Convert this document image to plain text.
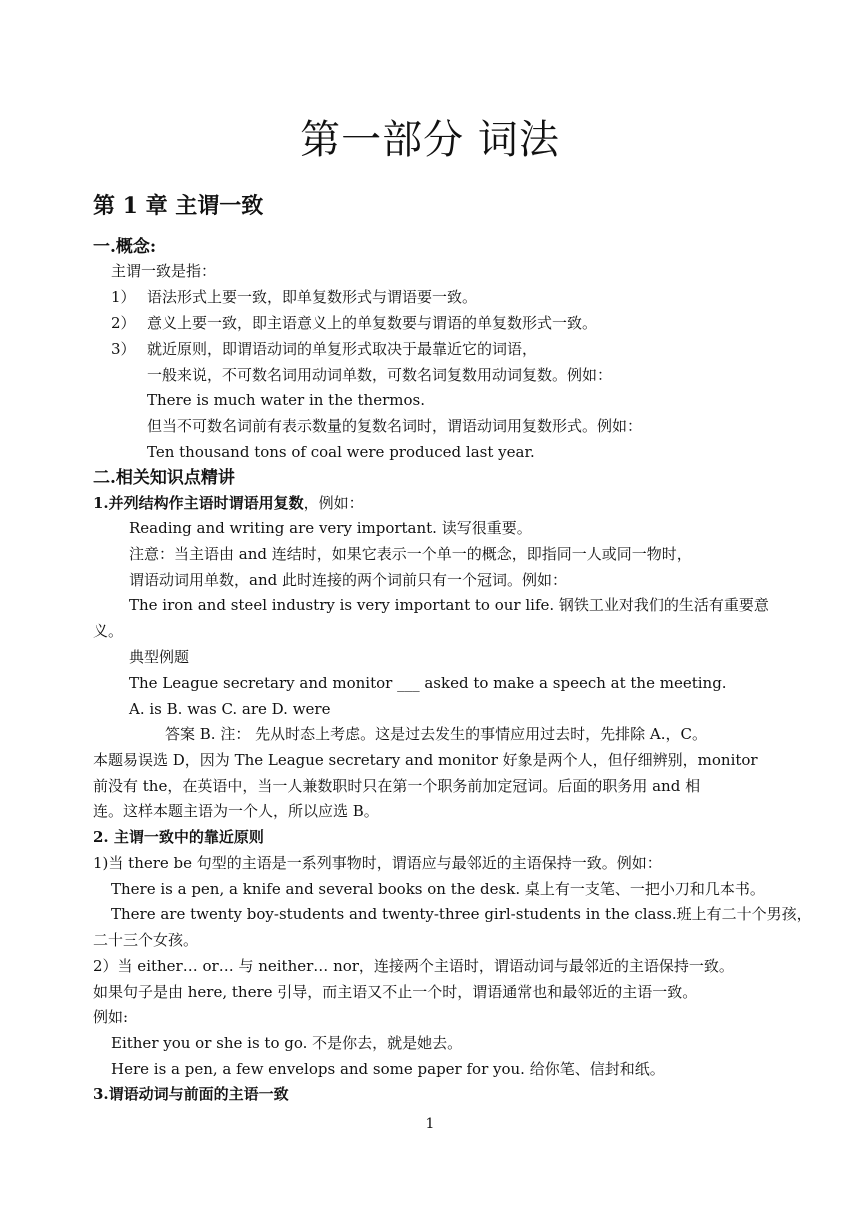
第一部分 词法
第 1 章 主谓一致
一.概念:
主谓一致是指：
1） 语法形式上要一致，即单复数形式与谓语要一致。
2） 意义上要一致，即主语意义上的单复数要与谓语的单复数形式一致。
3） 就近原则，即谓语动词的单复形式取决于最靠近它的词语，
一般来说，不可数名词用动词单数，可数名词复数用动词复数。例如：
There is much water in the thermos.
但当不可数名词前有表示数量的复数名词时，谓语动词用复数形式。例如：
Ten thousand tons of coal were produced last year.
二.相关知识点精讲
1.并列结构作主语时谓语用复数，例如：
Reading and writing are very important. 读写很重要。
注意：当主语由 and 连结时，如果它表示一个单一的概念，即指同一人或同一物时，
谓语动词用单数，and 此时连接的两个词前只有一个冠词。例如：
The iron and steel industry is very important to our life. 钢铁工业对我们的生活有重要意
义。
典型例题
The League secretary and monitor ___ asked to make a speech at the meeting.
A. is B. was C. are D. were
答案 B. 注： 先从时态上考虑。这是过去发生的事情应用过去时，先排除 A.，C。
本题易误选 D，因为 The League secretary and monitor 好象是两个人，但仔细辨别，monitor
前没有 the，在英语中，当一人兼数职时只在第一个职务前加定冠词。后面的职务用 and 相
连。这样本题主语为一个人，所以应选 B。
2. 主谓一致中的靠近原则
1)当 there be 句型的主语是一系列事物时，谓语应与最邻近的主语保持一致。例如：
There is a pen, a knife and several books on the desk. 桌上有一支笔、一把小刀和几本书。
There are twenty boy-students and twenty-three girl-students in the class.班上有二十个男孩，
二十三个女孩。
2）当 either… or… 与 neither… nor，连接两个主语时，谓语动词与最邻近的主语保持一致。
如果句子是由 here, there 引导，而主语又不止一个时，谓语通常也和最邻近的主语一致。
例如:
Either you or she is to go. 不是你去，就是她去。
Here is a pen, a few envelops and some paper for you. 给你笔、信封和纸。
3.谓语动词与前面的主语一致
1
